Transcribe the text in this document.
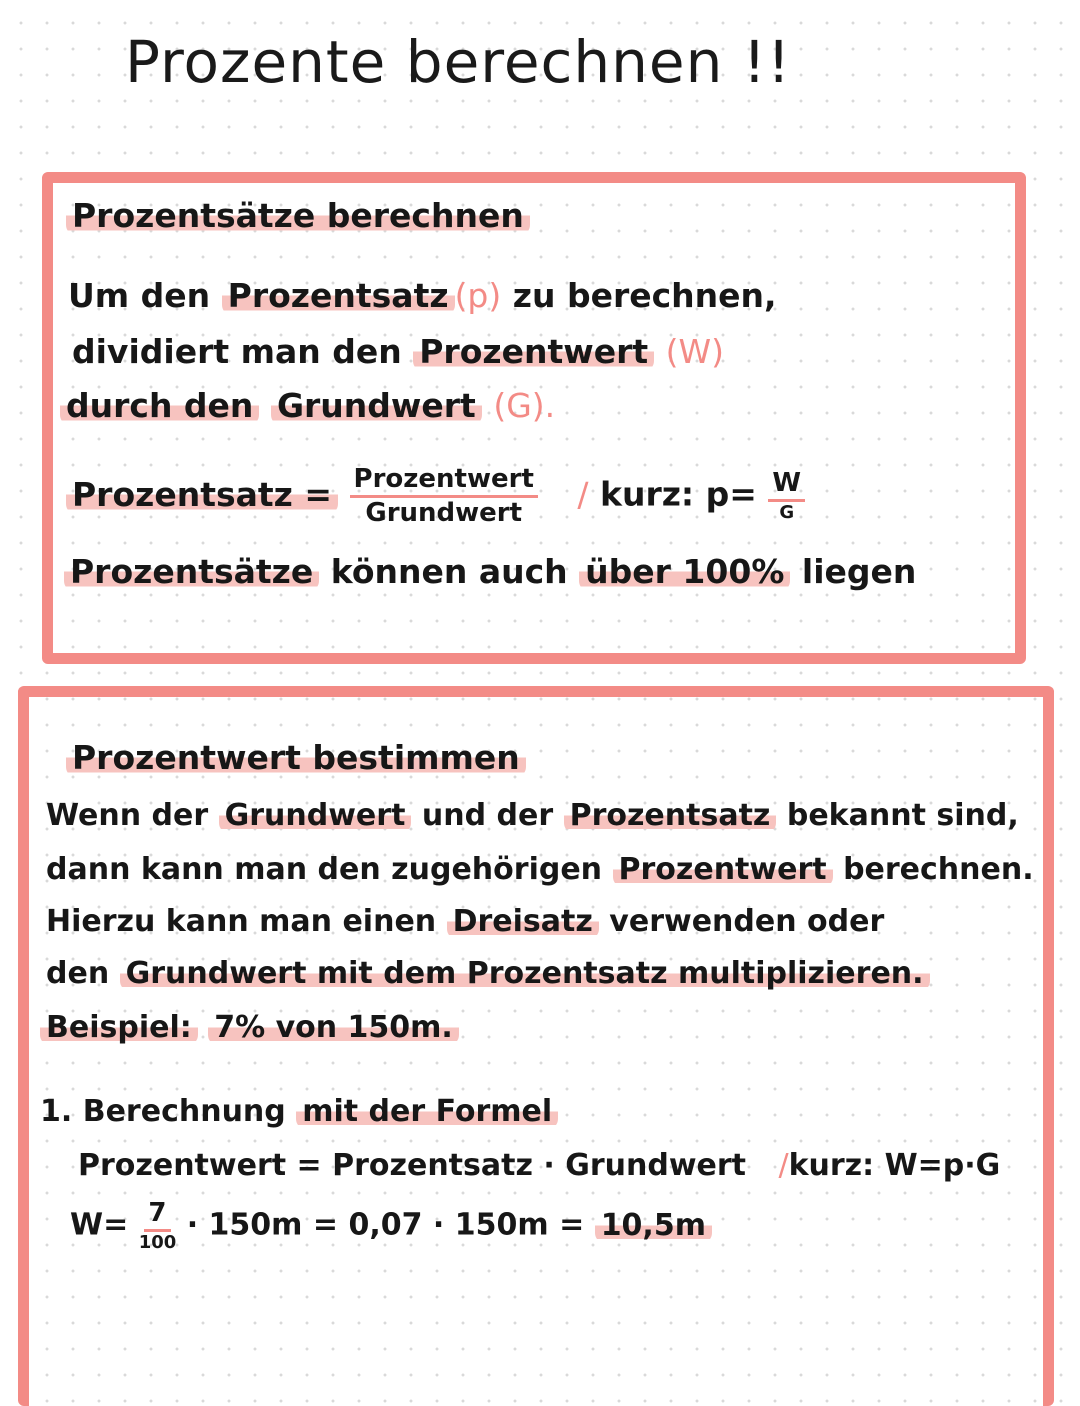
Prozente berechnen !!
Prozentsätze berechnen
Um den Prozentsatz (p) zu berechnen,
dividiert man den Prozentwert (W)
durch den Grundwert (G).
Prozentsatz = $\frac{\text{Prozentwert}}{\text{Grundwert}}$ / kurz: $p= \frac{W}{G}$
Prozentsätze können auch über 100% liegen
Prozentwert bestimmen
Wenn der Grundwert und der Prozentsatz bekannt sind,
dann kann man den zugehörigen Prozentwert berechnen.
Hierzu kann man einen Dreisatz verwenden oder
den Grundwert mit dem Prozentsatz multiplizieren.
Beispiel: 7% von 150m.
1. Berechnung mit der Formel
Prozentwert = Prozentsatz · Grundwert /kurz: W=p·G
$W= \frac{7}{100} \cdot 150m = 0,07 \cdot 150m = 10,5m$
